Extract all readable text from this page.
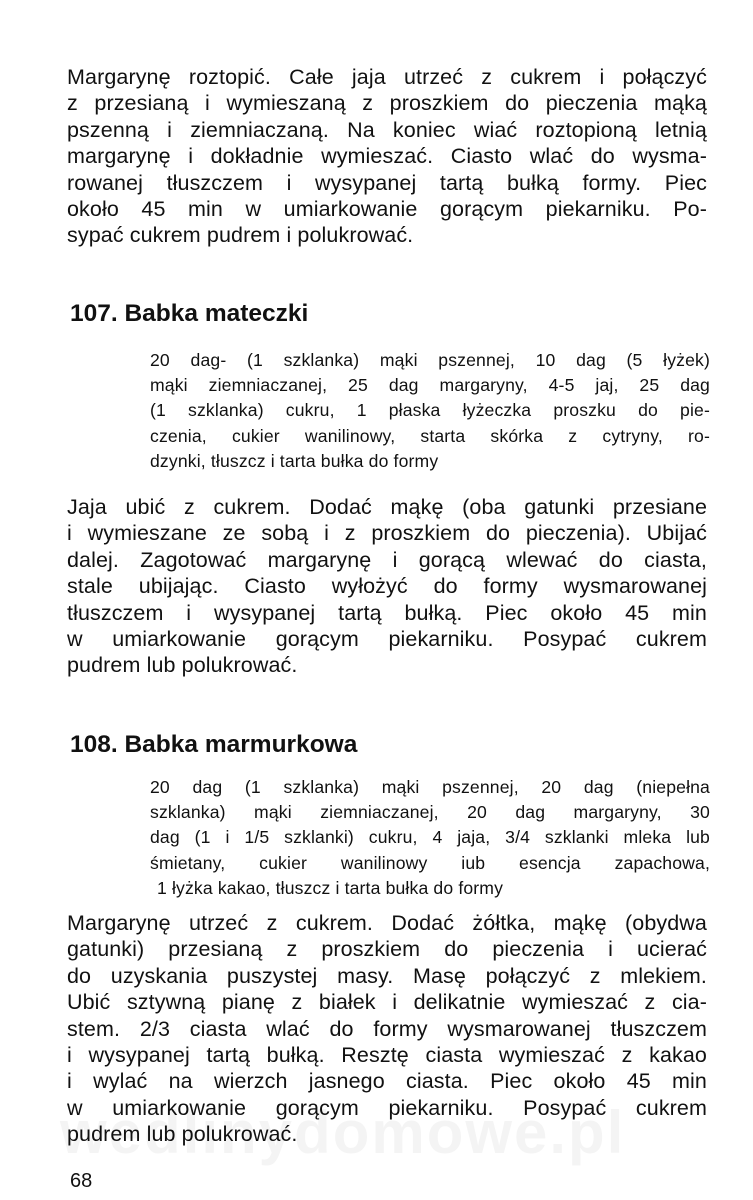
Margarynę roztopić. Całe jaja utrzeć z cukrem i połączyć
z przesianą i wymieszaną z proszkiem do pieczenia mąką
pszenną i ziemniaczaną. Na koniec wiać roztopioną letnią
margarynę i dokładnie wymieszać. Ciasto wlać do wysma-
rowanej tłuszczem i wysypanej tartą bułką formy. Piec
około 45 min w umiarkowanie gorącym piekarniku. Po-
sypać cukrem pudrem i polukrować.
107. Babka mateczki
20 dag- (1 szklanka) mąki pszennej, 10 dag (5 łyżek)
mąki ziemniaczanej, 25 dag margaryny, 4-5 jaj, 25 dag
(1 szklanka) cukru, 1 płaska łyżeczka proszku do pie-
czenia, cukier wanilinowy, starta skórka z cytryny, ro-
dzynki, tłuszcz i tarta bułka do formy
Jaja ubić z cukrem. Dodać mąkę (oba gatunki przesiane
i wymieszane ze sobą i z proszkiem do pieczenia). Ubijać
dalej. Zagotować margarynę i gorącą wlewać do ciasta,
stale ubijając. Ciasto wyłożyć do formy wysmarowanej
tłuszczem i wysypanej tartą bułką. Piec około 45 min
w umiarkowanie gorącym piekarniku. Posypać cukrem
pudrem lub polukrować.
108. Babka marmurkowa
20 dag (1 szklanka) mąki pszennej, 20 dag (niepełna
szklanka) mąki ziemniaczanej, 20 dag margaryny, 30
dag (1 i 1/5 szklanki) cukru, 4 jaja, 3/4 szklanki mleka lub
śmietany, cukier wanilinowy iub esencja zapachowa,
1 łyżka kakao, tłuszcz i tarta bułka do formy
Margarynę utrzeć z cukrem. Dodać żółtka, mąkę (obydwa
gatunki) przesianą z proszkiem do pieczenia i ucierać
do uzyskania puszystej masy. Masę połączyć z mlekiem.
Ubić sztywną pianę z białek i delikatnie wymieszać z cia-
stem. 2/3 ciasta wlać do formy wysmarowanej tłuszczem
i wysypanej tartą bułką. Resztę ciasta wymieszać z kakao
i wylać na wierzch jasnego ciasta. Piec około 45 min
w umiarkowanie gorącym piekarniku. Posypać cukrem
pudrem lub polukrować.
68
